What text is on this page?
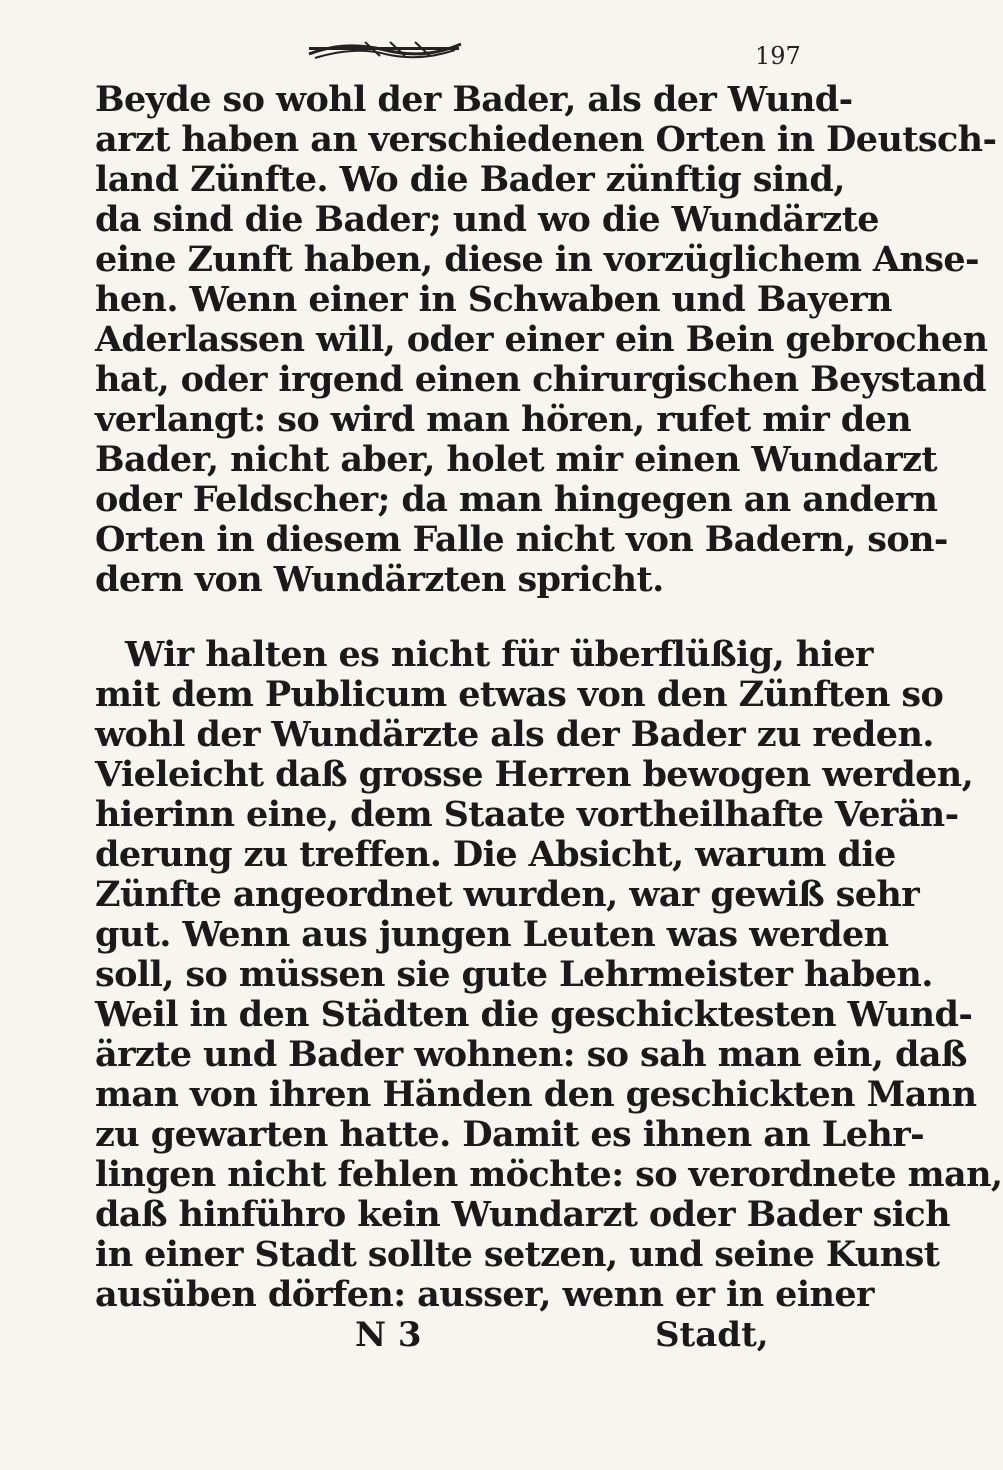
197
Beyde so wohl der Bader, als der Wund-
arzt haben an verschiedenen Orten in Deutsch-
land Zünfte. Wo die Bader zünftig sind,
da sind die Bader; und wo die Wundärzte
eine Zunft haben, diese in vorzüglichem Anse-
hen. Wenn einer in Schwaben und Bayern
Aderlassen will, oder einer ein Bein gebrochen
hat, oder irgend einen chirurgischen Beystand
verlangt: so wird man hören, rufet mir den
Bader, nicht aber, holet mir einen Wundarzt
oder Feldscher; da man hingegen an andern
Orten in diesem Falle nicht von Badern, son-
dern von Wundärzten spricht.
Wir halten es nicht für überflüßig, hier
mit dem Publicum etwas von den Zünften so
wohl der Wundärzte als der Bader zu reden.
Vieleicht daß grosse Herren bewogen werden,
hierinn eine, dem Staate vortheilhafte Verän-
derung zu treffen. Die Absicht, warum die
Zünfte angeordnet wurden, war gewiß sehr
gut. Wenn aus jungen Leuten was werden
soll, so müssen sie gute Lehrmeister haben.
Weil in den Städten die geschicktesten Wund-
ärzte und Bader wohnen: so sah man ein, daß
man von ihren Händen den geschickten Mann
zu gewarten hatte. Damit es ihnen an Lehr-
lingen nicht fehlen möchte: so verordnete man,
daß hinführo kein Wundarzt oder Bader sich
in einer Stadt sollte setzen, und seine Kunst
ausüben dörfen: ausser, wenn er in einer
N 3	Stadt,
